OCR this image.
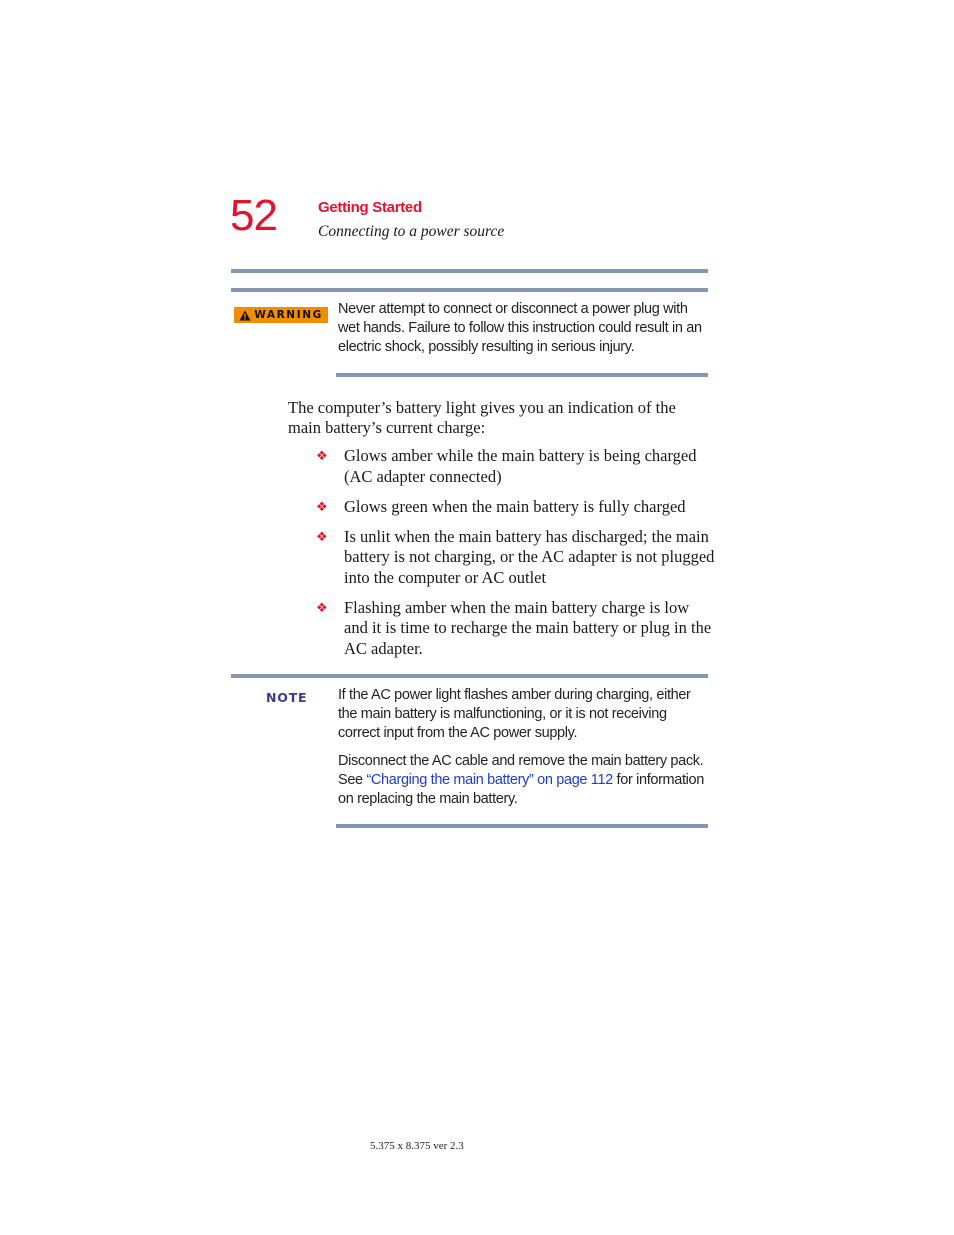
52	Getting Started
Connecting to a power source
WARNING Never attempt to connect or disconnect a power plug with wet hands. Failure to follow this instruction could result in an electric shock, possibly resulting in serious injury.
The computer’s battery light gives you an indication of the main battery’s current charge:
❖ Glows amber while the main battery is being charged (AC adapter connected)
❖ Glows green when the main battery is fully charged
❖ Is unlit when the main battery has discharged; the main battery is not charging, or the AC adapter is not plugged into the computer or AC outlet
❖ Flashing amber when the main battery charge is low and it is time to recharge the main battery or plug in the AC adapter.
NOTE If the AC power light flashes amber during charging, either the main battery is malfunctioning, or it is not receiving correct input from the AC power supply.
Disconnect the AC cable and remove the main battery pack. See “Charging the main battery” on page 112 for information on replacing the main battery.
5.375 x 8.375 ver 2.3
